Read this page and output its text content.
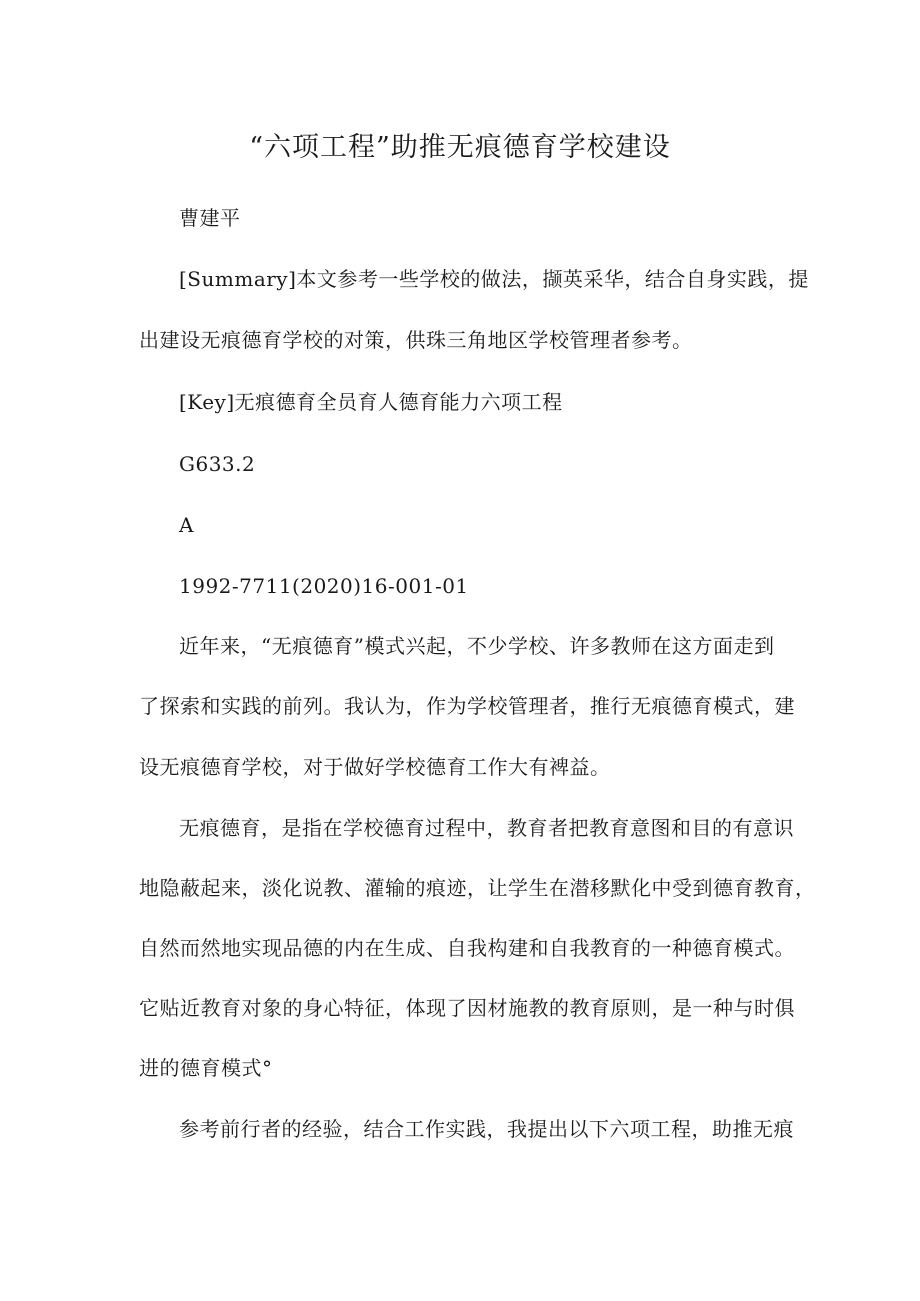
“六项工程”助推无痕德育学校建设

曹建平

[Summary]本文参考一些学校的做法，撷英采华，结合自身实践，提

出建设无痕德育学校的对策，供珠三角地区学校管理者参考。

[Key]无痕德育全员育人德育能力六项工程

G633.2

A

1992-7711(2020)16-001-01

近年来，“无痕德育”模式兴起，不少学校、许多教师在这方面走到

了探索和实践的前列。我认为，作为学校管理者，推行无痕德育模式，建

设无痕德育学校，对于做好学校德育工作大有裨益。

无痕德育，是指在学校德育过程中，教育者把教育意图和目的有意识

地隐蔽起来，淡化说教、灌输的痕迹，让学生在潜移默化中受到德育教育，

自然而然地实现品德的内在生成、自我构建和自我教育的一种德育模式。

它贴近教育对象的身心特征，体现了因材施教的教育原则，是一种与时俱

进的德育模式°

参考前行者的经验，结合工作实践，我提出以下六项工程，助推无痕
